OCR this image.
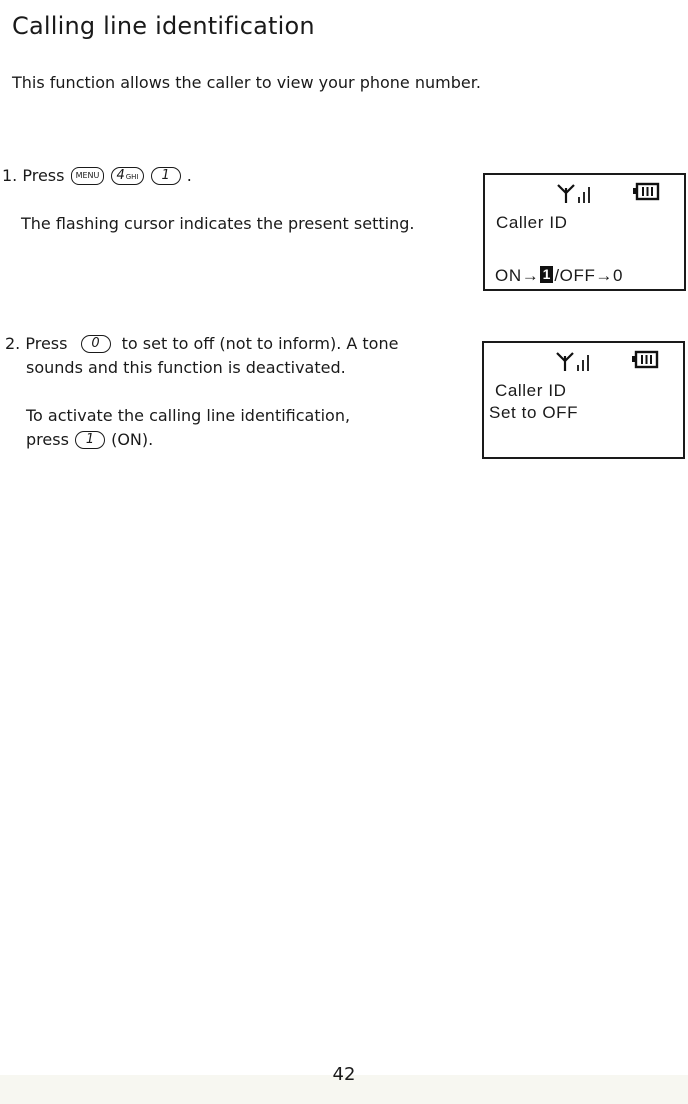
Calling line identification
This function allows the caller to view your phone number.
1. Press MENU 4GHI 1 .
The flashing cursor indicates the present setting.	Caller ID
ON→ 1 /OFF→0
2. Press 0 to set to off (not to inform). A tone
sounds and this function is deactivated.
To activate the calling line identification,
press 1 (ON).
Caller ID
Set to OFF
42
